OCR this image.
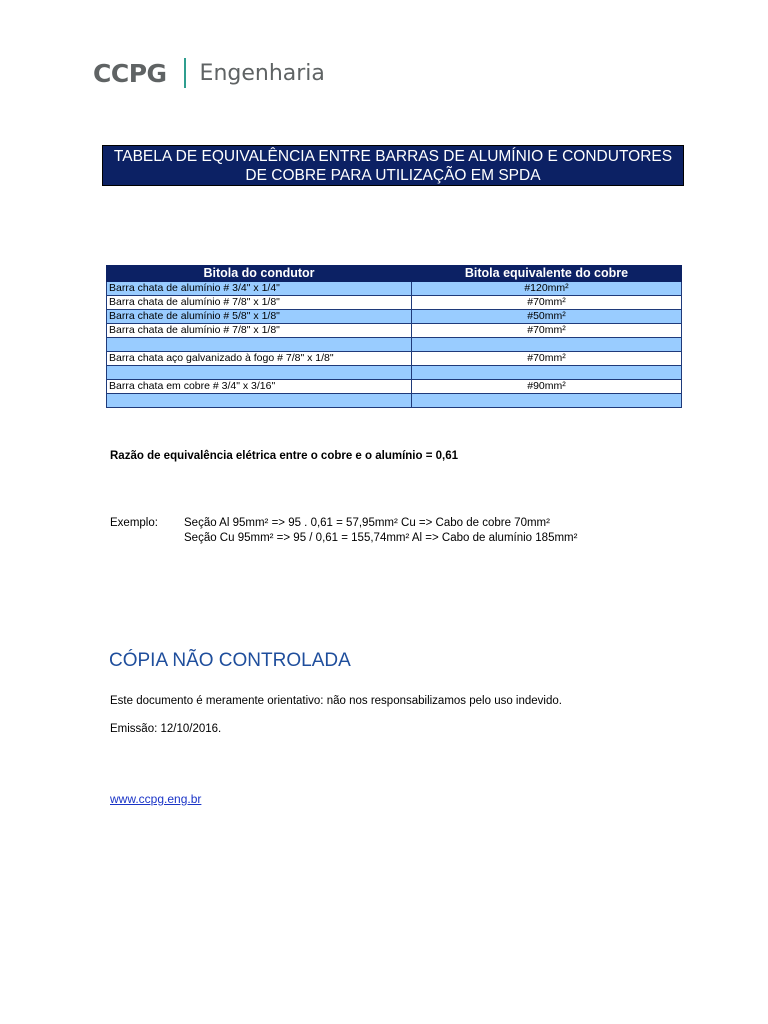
CCPG Engenharia
TABELA DE EQUIVALÊNCIA ENTRE BARRAS DE ALUMÍNIO E CONDUTORES
DE COBRE PARA UTILIZAÇÃO EM SPDA
Bitola do condutor	Bitola equivalente do cobre
Barra chata de alumínio # 3/4" x 1/4"	#120mm²
Barra chata de alumínio # 7/8" x 1/8"	#70mm²
Barra chate de alumínio # 5/8" x 1/8"	#50mm²
Barra chata de alumínio # 7/8" x 1/8"	#70mm²

Barra chata aço galvanizado à fogo # 7/8" x 1/8"	#70mm²

Barra chata em cobre # 3/4" x 3/16"	#90mm²

Razão de equivalência elétrica entre o cobre e o alumínio = 0,61
Exemplo: Seção Al 95mm² => 95 . 0,61 = 57,95mm² Cu => Cabo de cobre 70mm²
Seção Cu 95mm² => 95 / 0,61 = 155,74mm² Al => Cabo de alumínio 185mm²
CÓPIA NÃO CONTROLADA
Este documento é meramente orientativo: não nos responsabilizamos pelo uso indevido.
Emissão: 12/10/2016.
www.ccpg.eng.br
